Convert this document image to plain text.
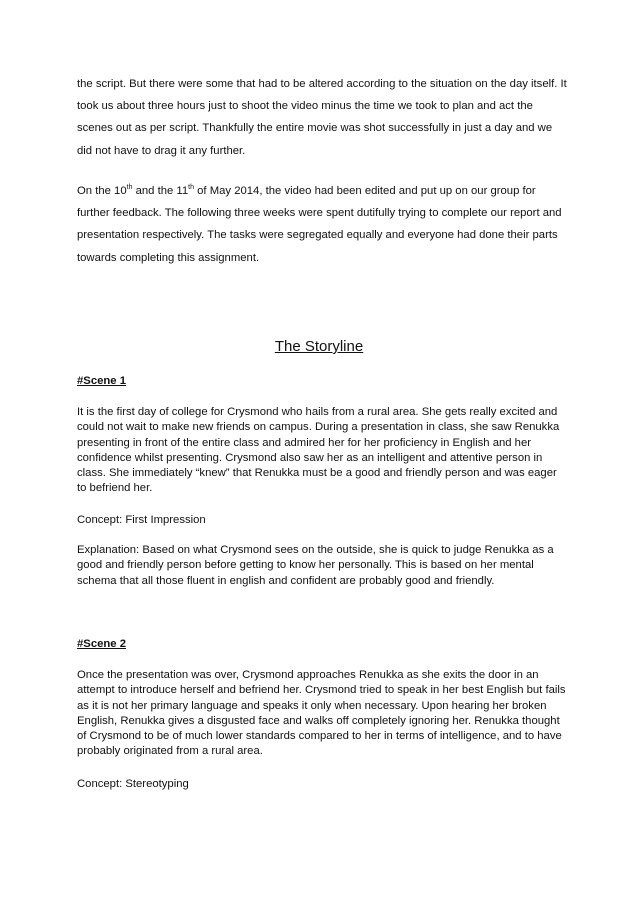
the script. But there were some that had to be altered according to the situation on the day itself. It took us about three hours just to shoot the video minus the time we took to plan and act the scenes out as per script. Thankfully the entire movie was shot successfully in just a day and we did not have to drag it any further.
On the 10th and the 11th of May 2014, the video had been edited and put up on our group for further feedback. The following three weeks were spent dutifully trying to complete our report and presentation respectively. The tasks were segregated equally and everyone had done their parts towards completing this assignment.
The Storyline
#Scene 1
It is the first day of college for Crysmond who hails from a rural area. She gets really excited and could not wait to make new friends on campus. During a presentation in class, she saw Renukka presenting in front of the entire class and admired her for her proficiency in English and her confidence whilst presenting. Crysmond also saw her as an intelligent and attentive person in class. She immediately “knew” that Renukka must be a good and friendly person and was eager to befriend her.
Concept: First Impression
Explanation: Based on what Crysmond sees on the outside, she is quick to judge Renukka as a good and friendly person before getting to know her personally. This is based on her mental schema that all those fluent in english and confident are probably good and friendly.
#Scene 2
Once the presentation was over, Crysmond approaches Renukka as she exits the door in an attempt to introduce herself and befriend her. Crysmond tried to speak in her best English but fails as it is not her primary language and speaks it only when necessary. Upon hearing her broken English, Renukka gives a disgusted face and walks off completely ignoring her. Renukka thought of Crysmond to be of much lower standards compared to her in terms of intelligence, and to have probably originated from a rural area.
Concept: Stereotyping
